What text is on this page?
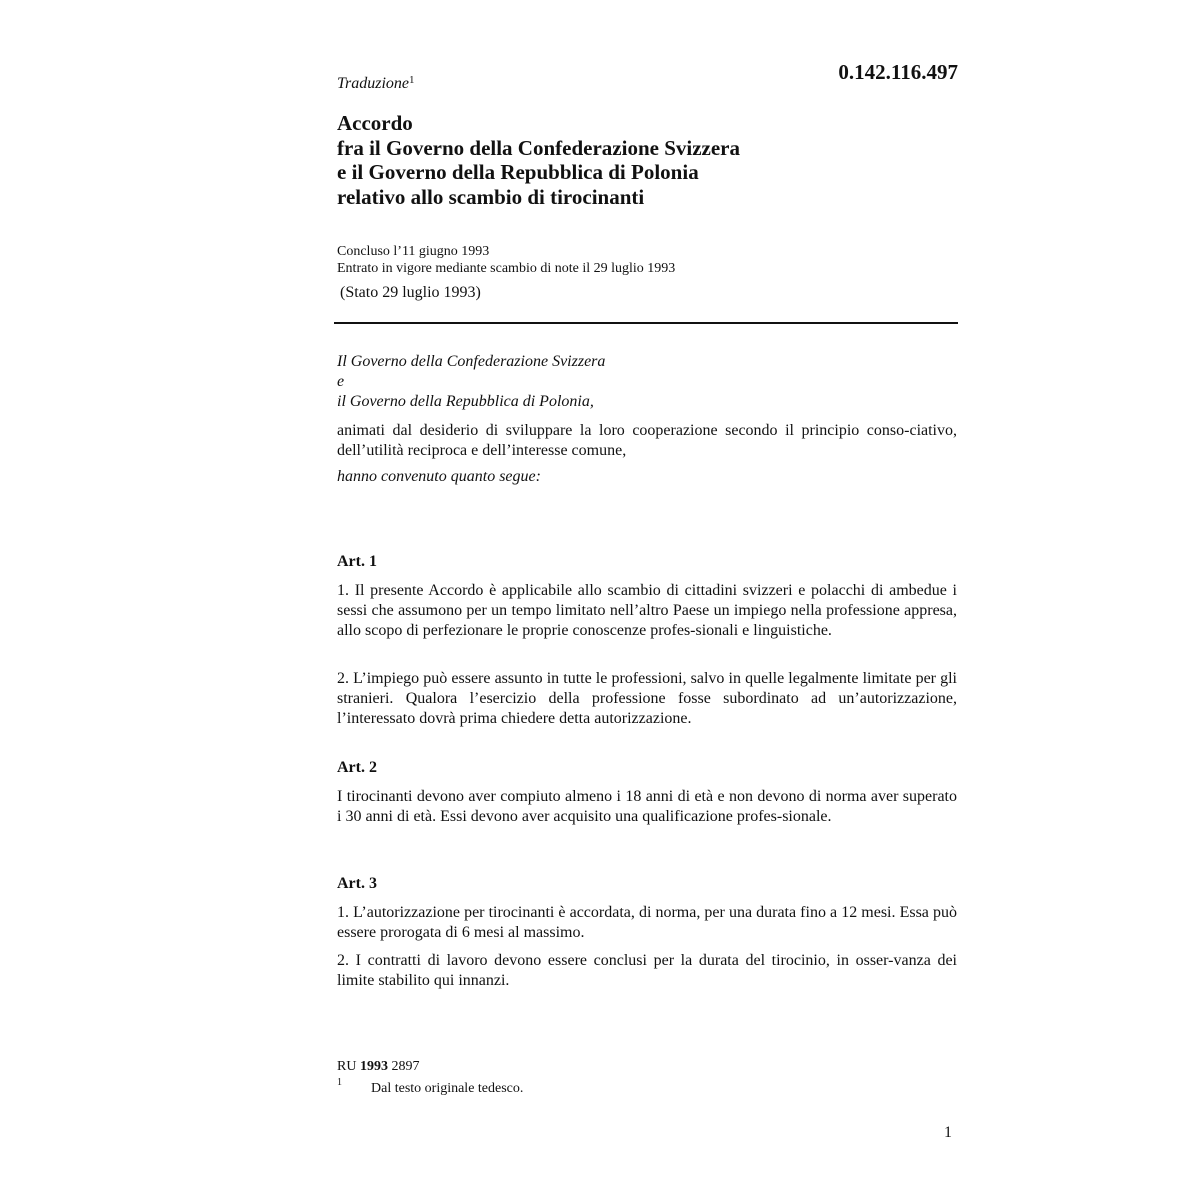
0.142.116.497
Traduzione$^1$
Accordo
fra il Governo della Confederazione Svizzera
e il Governo della Repubblica di Polonia
relativo allo scambio di tirocinanti
Concluso l’11 giugno 1993
Entrato in vigore mediante scambio di note il 29 luglio 1993
(Stato 29 luglio 1993)
Il Governo della Confederazione Svizzera
e
il Governo della Repubblica di Polonia,
animati dal desiderio di sviluppare la loro cooperazione secondo il principio conso-ciativo, dell’utilità reciproca e dell’interesse comune,
hanno convenuto quanto segue:
Art. 1
1. Il presente Accordo è applicabile allo scambio di cittadini svizzeri e polacchi di ambedue i sessi che assumono per un tempo limitato nell’altro Paese un impiego nella professione appresa, allo scopo di perfezionare le proprie conoscenze profes-sionali e linguistiche.
2. L’impiego può essere assunto in tutte le professioni, salvo in quelle legalmente limitate per gli stranieri. Qualora l’esercizio della professione fosse subordinato ad un’autorizzazione, l’interessato dovrà prima chiedere detta autorizzazione.
Art. 2
I tirocinanti devono aver compiuto almeno i 18 anni di età e non devono di norma aver superato i 30 anni di età. Essi devono aver acquisito una qualificazione profes-sionale.
Art. 3
1. L’autorizzazione per tirocinanti è accordata, di norma, per una durata fino a 12 mesi. Essa può essere prorogata di 6 mesi al massimo.
2. I contratti di lavoro devono essere conclusi per la durata del tirocinio, in osser-vanza dei limite stabilito qui innanzi.
RU 1993 2897
1 Dal testo originale tedesco.
1
